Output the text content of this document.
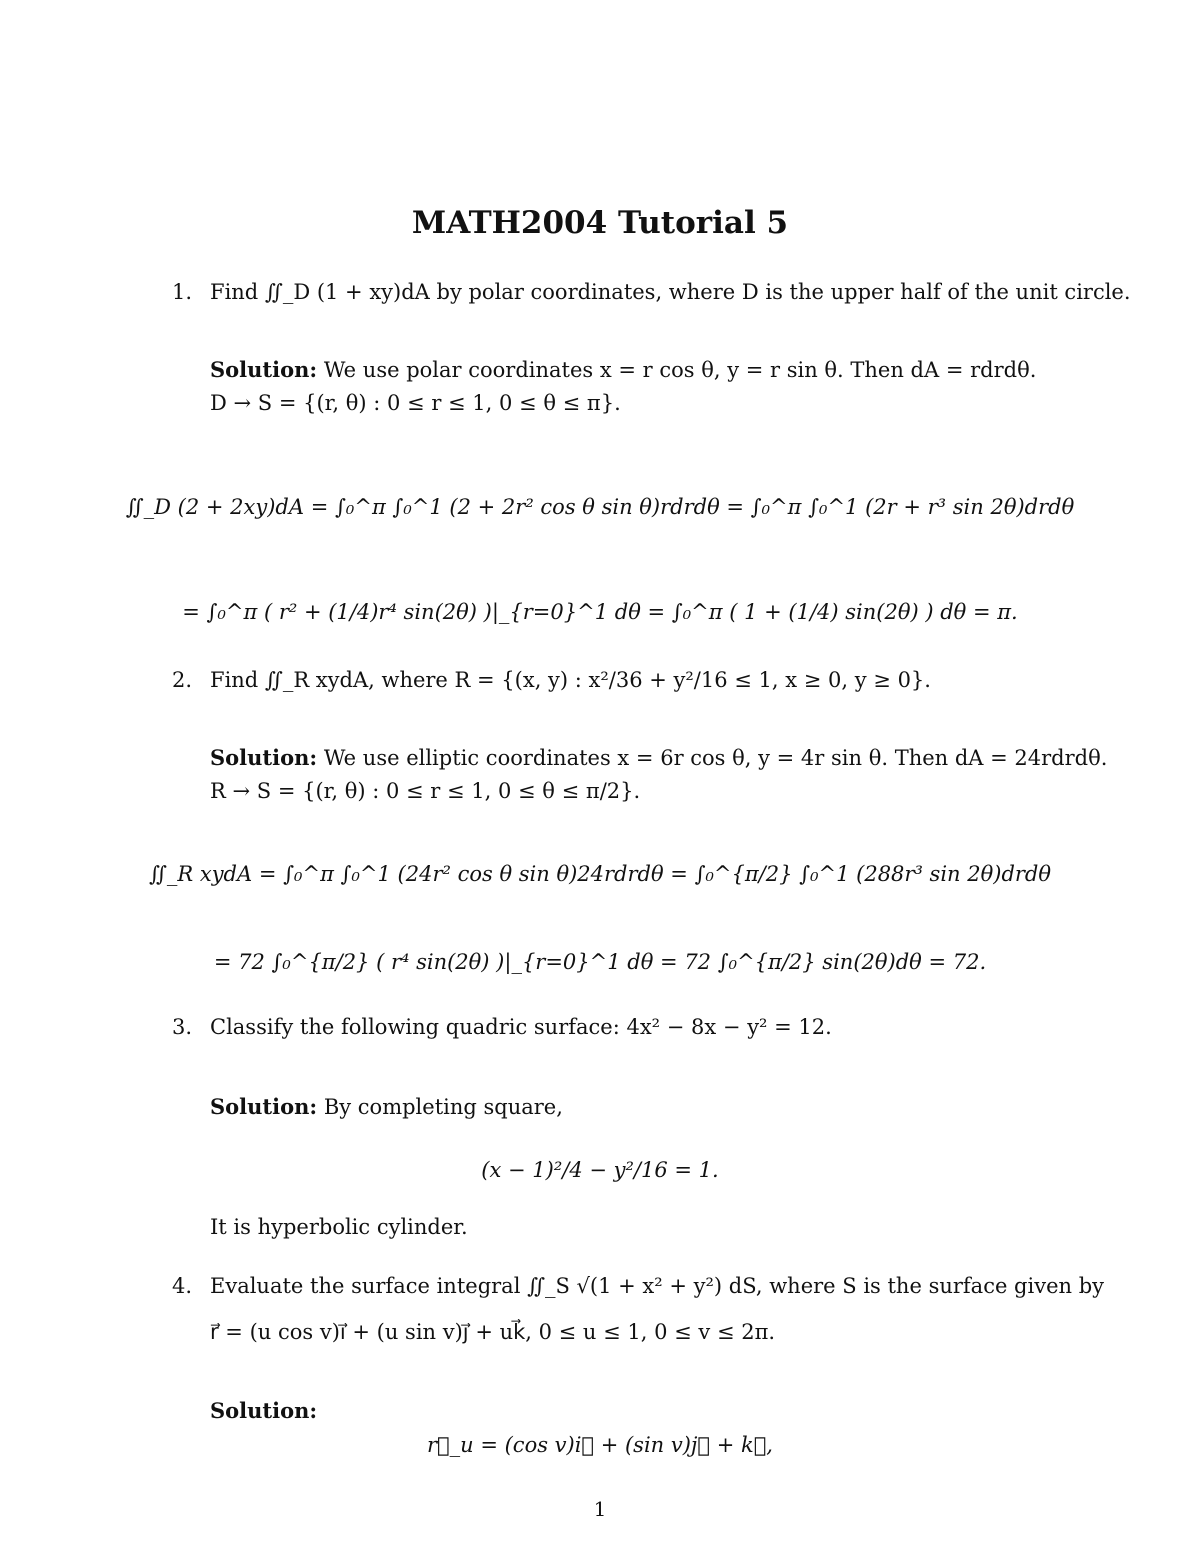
MATH2004 Tutorial 5
1. Find ∬_D (1 + xy)dA by polar coordinates, where D is the upper half of the unit circle.
Solution: We use polar coordinates x = r cos θ, y = r sin θ. Then dA = rdrdθ.
D → S = {(r, θ) : 0 ≤ r ≤ 1, 0 ≤ θ ≤ π}.
∬_D (2 + 2xy)dA = ∫₀^π ∫₀^1 (2 + 2r² cos θ sin θ)rdrdθ = ∫₀^π ∫₀^1 (2r + r³ sin 2θ)drdθ
= ∫₀^π ( r² + (1/4)r⁴ sin(2θ) )|_{r=0}^1 dθ = ∫₀^π ( 1 + (1/4) sin(2θ) ) dθ = π.
2. Find ∬_R xydA, where R = {(x, y) : x²/36 + y²/16 ≤ 1, x ≥ 0, y ≥ 0}.
Solution: We use elliptic coordinates x = 6r cos θ, y = 4r sin θ. Then dA = 24rdrdθ.
R → S = {(r, θ) : 0 ≤ r ≤ 1, 0 ≤ θ ≤ π/2}.
∬_R xydA = ∫₀^π ∫₀^1 (24r² cos θ sin θ)24rdrdθ = ∫₀^{π/2} ∫₀^1 (288r³ sin 2θ)drdθ
= 72 ∫₀^{π/2} ( r⁴ sin(2θ) )|_{r=0}^1 dθ = 72 ∫₀^{π/2} sin(2θ)dθ = 72.
3. Classify the following quadric surface: 4x² − 8x − y² = 12.
Solution: By completing square,
(x − 1)²/4 − y²/16 = 1.
It is hyperbolic cylinder.
4. Evaluate the surface integral ∬_S √(1 + x² + y²) dS, where S is the surface given by
r⃗ = (u cos v)i⃗ + (u sin v)j⃗ + uk⃗, 0 ≤ u ≤ 1, 0 ≤ v ≤ 2π.
Solution:
r⃗_u = (cos v)i⃗ + (sin v)j⃗ + k⃗,
1
